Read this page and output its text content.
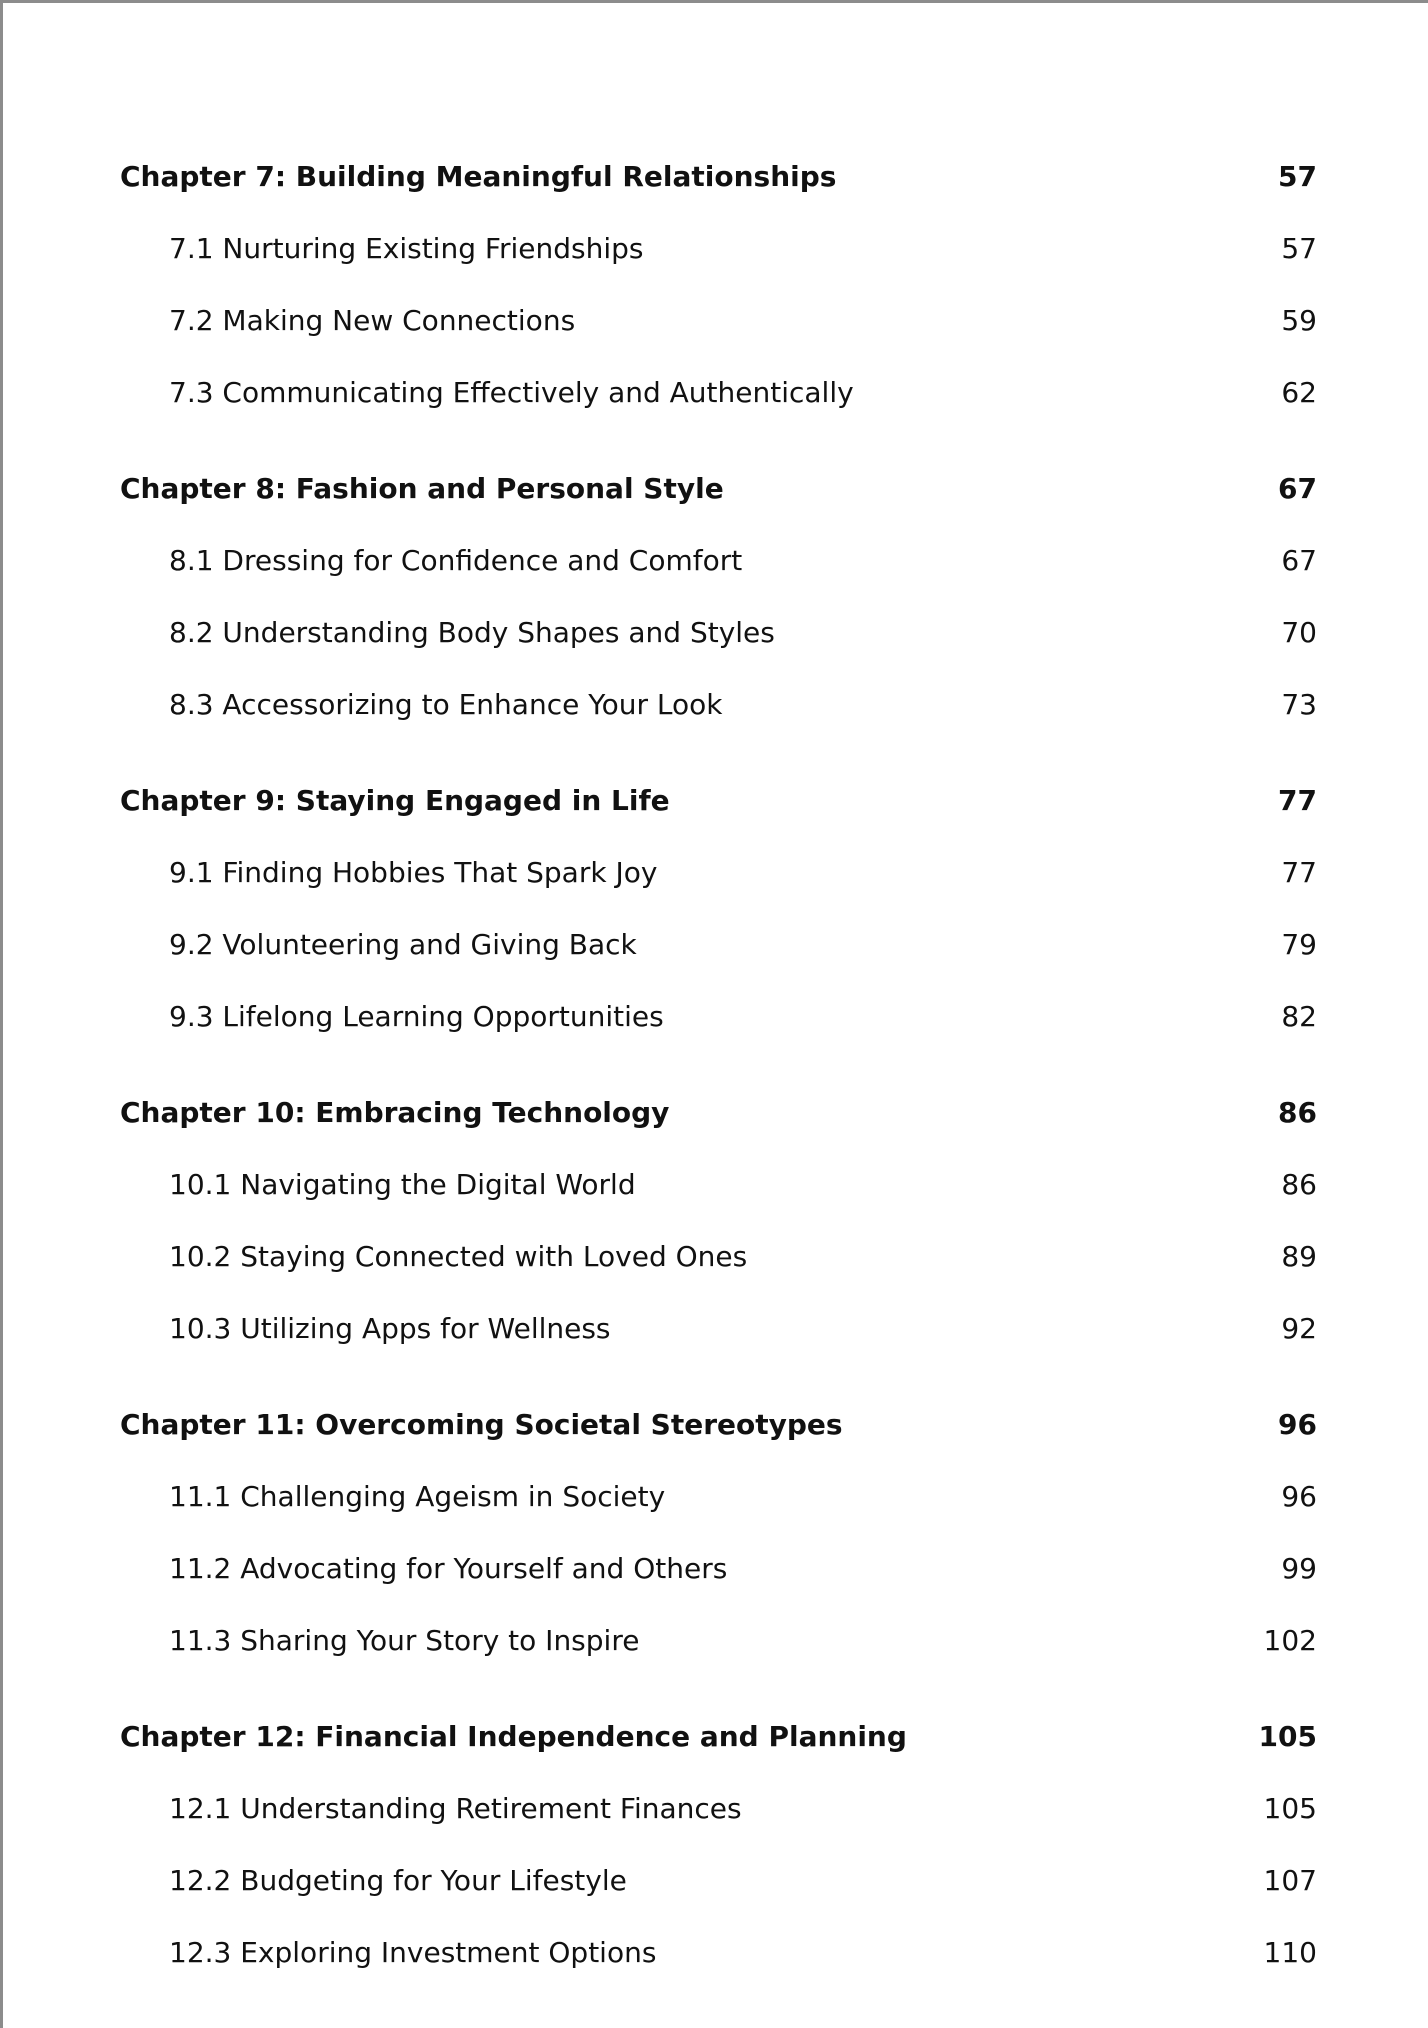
Chapter 7: Building Meaningful Relationships	57
7.1 Nurturing Existing Friendships	57
7.2 Making New Connections	59
7.3 Communicating Effectively and Authentically	62
Chapter 8: Fashion and Personal Style	67
8.1 Dressing for Confidence and Comfort	67
8.2 Understanding Body Shapes and Styles	70
8.3 Accessorizing to Enhance Your Look	73
Chapter 9: Staying Engaged in Life	77
9.1 Finding Hobbies That Spark Joy	77
9.2 Volunteering and Giving Back	79
9.3 Lifelong Learning Opportunities	82
Chapter 10: Embracing Technology	86
10.1 Navigating the Digital World	86
10.2 Staying Connected with Loved Ones	89
10.3 Utilizing Apps for Wellness	92
Chapter 11: Overcoming Societal Stereotypes	96
11.1 Challenging Ageism in Society	96
11.2 Advocating for Yourself and Others	99
11.3 Sharing Your Story to Inspire	102
Chapter 12: Financial Independence and Planning	105
12.1 Understanding Retirement Finances	105
12.2 Budgeting for Your Lifestyle	107
12.3 Exploring Investment Options	110
